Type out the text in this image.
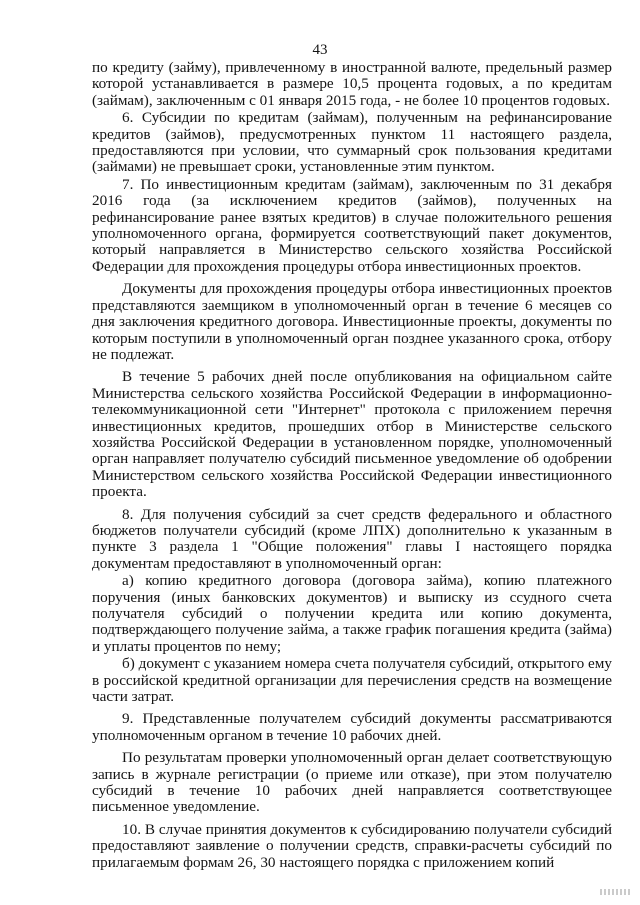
43

по кредиту (займу), привлеченному в иностранной валюте, предельный размер которой устанавливается в размере 10,5 процента годовых, а по кредитам (займам), заключенным с 01 января 2015 года, - не более 10 процентов годовых.

6. Субсидии по кредитам (займам), полученным на рефинансирование кредитов (займов), предусмотренных пунктом 11 настоящего раздела, предоставляются при условии, что суммарный срок пользования кредитами (займами) не превышает сроки, установленные этим пунктом.

7. По инвестиционным кредитам (займам), заключенным по 31 декабря 2016 года (за исключением кредитов (займов), полученных на рефинансирование ранее взятых кредитов) в случае положительного решения уполномоченного органа, формируется соответствующий пакет документов, который направляется в Министерство сельского хозяйства Российской Федерации для прохождения процедуры отбора инвестиционных проектов.

Документы для прохождения процедуры отбора инвестиционных проектов представляются заемщиком в уполномоченный орган в течение 6 месяцев со дня заключения кредитного договора. Инвестиционные проекты, документы по которым поступили в уполномоченный орган позднее указанного срока, отбору не подлежат.

В течение 5 рабочих дней после опубликования на официальном сайте Министерства сельского хозяйства Российской Федерации в информационно-телекоммуникационной сети "Интернет" протокола с приложением перечня инвестиционных кредитов, прошедших отбор в Министерстве сельского хозяйства Российской Федерации в установленном порядке, уполномоченный орган направляет получателю субсидий письменное уведомление об одобрении Министерством сельского хозяйства Российской Федерации инвестиционного проекта.

8. Для получения субсидий за счет средств федерального и областного бюджетов получатели субсидий (кроме ЛПХ) дополнительно к указанным в пункте 3 раздела 1 "Общие положения" главы I настоящего порядка документам предоставляют в уполномоченный орган:

а) копию кредитного договора (договора займа), копию платежного поручения (иных банковских документов) и выписку из ссудного счета получателя субсидий о получении кредита или копию документа, подтверждающего получение займа, а также график погашения кредита (займа) и уплаты процентов по нему;

б) документ с указанием номера счета получателя субсидий, открытого ему в российской кредитной организации для перечисления средств на возмещение части затрат.

9. Представленные получателем субсидий документы рассматриваются уполномоченным органом в течение 10 рабочих дней.

По результатам проверки уполномоченный орган делает соответствующую запись в журнале регистрации (о приеме или отказе), при этом получателю субсидий в течение 10 рабочих дней направляется соответствующее письменное уведомление.

10. В случае принятия документов к субсидированию получатели субсидий предоставляют заявление о получении средств, справки-расчеты субсидий по прилагаемым формам 26, 30 настоящего порядка с приложением копий
